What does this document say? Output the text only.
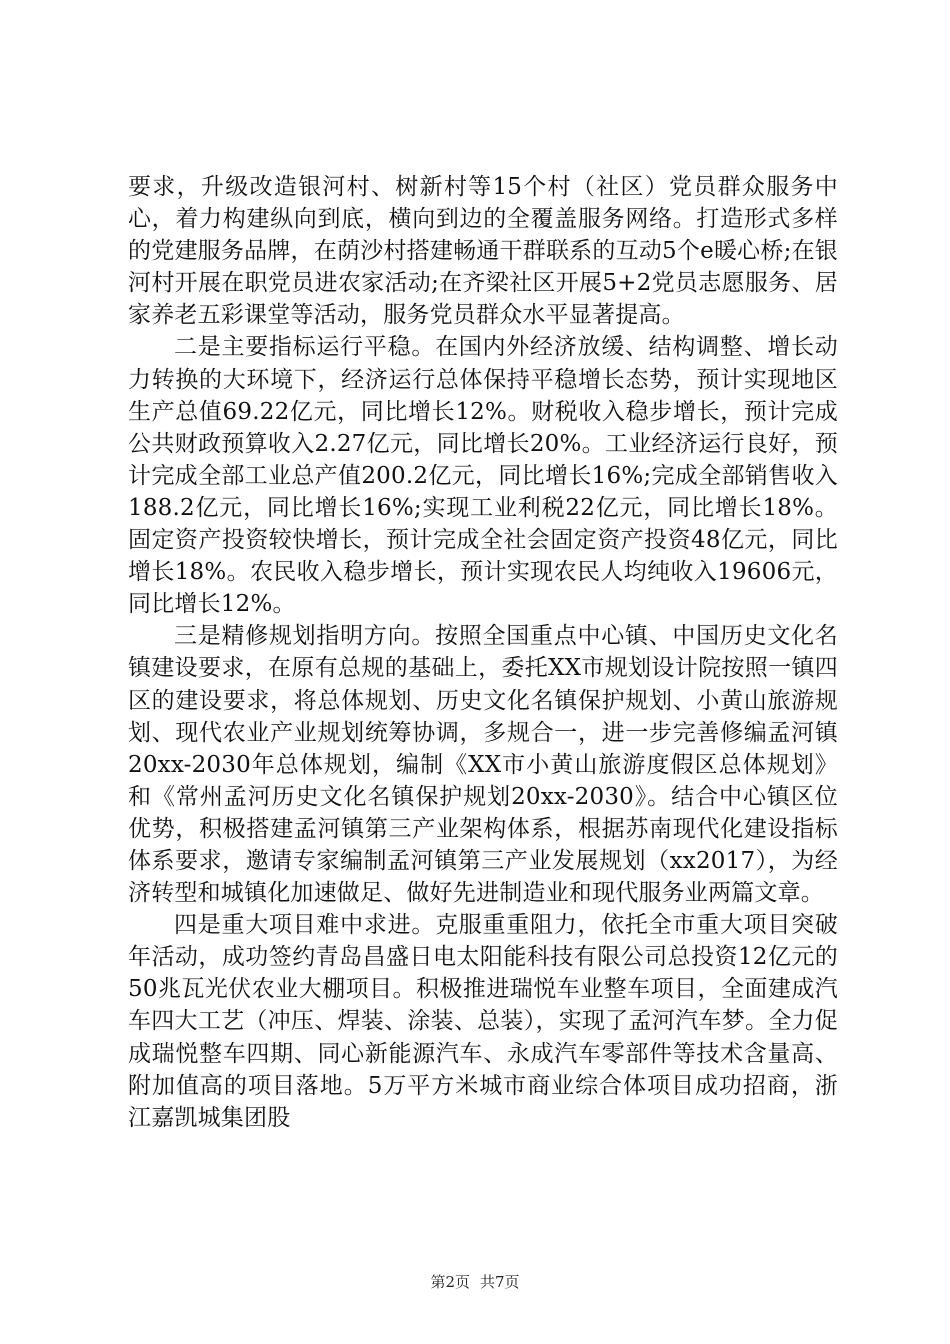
要求，升级改造银河村、树新村等15个村（社区）党员群众服务中心，着力构建纵向到底，横向到边的全覆盖服务网络。打造形式多样的党建服务品牌，在荫沙村搭建畅通干群联系的互动5个e暖心桥;在银河村开展在职党员进农家活动;在齐梁社区开展5+2党员志愿服务、居家养老五彩课堂等活动，服务党员群众水平显著提高。

二是主要指标运行平稳。在国内外经济放缓、结构调整、增长动力转换的大环境下，经济运行总体保持平稳增长态势，预计实现地区生产总值69.22亿元，同比增长12%。财税收入稳步增长，预计完成公共财政预算收入2.27亿元，同比增长20%。工业经济运行良好，预计完成全部工业总产值200.2亿元，同比增长16%;完成全部销售收入188.2亿元，同比增长16%;实现工业利税22亿元，同比增长18%。固定资产投资较快增长，预计完成全社会固定资产投资48亿元，同比增长18%。农民收入稳步增长，预计实现农民人均纯收入19606元，同比增长12%。

三是精修规划指明方向。按照全国重点中心镇、中国历史文化名镇建设要求，在原有总规的基础上，委托XX市规划设计院按照一镇四区的建设要求，将总体规划、历史文化名镇保护规划、小黄山旅游规划、现代农业产业规划统筹协调，多规合一，进一步完善修编孟河镇20xx-2030年总体规划，编制《XX市小黄山旅游度假区总体规划》和《常州孟河历史文化名镇保护规划20xx-2030》。结合中心镇区位优势，积极搭建孟河镇第三产业架构体系，根据苏南现代化建设指标体系要求，邀请专家编制孟河镇第三产业发展规划（xx2017），为经济转型和城镇化加速做足、做好先进制造业和现代服务业两篇文章。

四是重大项目难中求进。克服重重阻力，依托全市重大项目突破年活动，成功签约青岛昌盛日电太阳能科技有限公司总投资12亿元的50兆瓦光伏农业大棚项目。积极推进瑞悦车业整车项目，全面建成汽车四大工艺（冲压、焊装、涂装、总装），实现了孟河汽车梦。全力促成瑞悦整车四期、同心新能源汽车、永成汽车零部件等技术含量高、附加值高的项目落地。5万平方米城市商业综合体项目成功招商，浙江嘉凯城集团股

第2页 共7页
